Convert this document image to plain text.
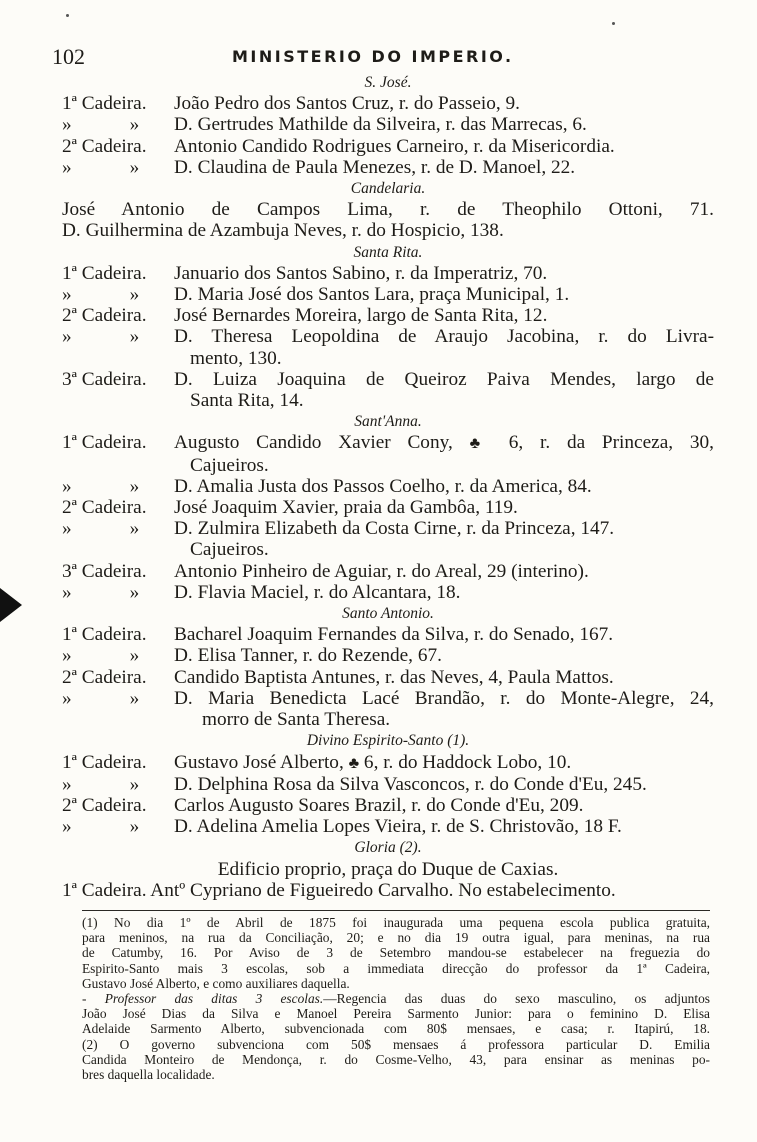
102	MINISTERIO DO IMPERIO.
S. José.
1ª Cadeira.	João Pedro dos Santos Cruz, r. do Passeio, 9.
»	»	D. Gertrudes Mathilde da Silveira, r. das Marrecas, 6.
2ª Cadeira.	Antonio Candido Rodrigues Carneiro, r. da Misericordia.
»	»	D. Claudina de Paula Menezes, r. de D. Manoel, 22.
Candelaria.
José Antonio de Campos Lima, r. de Theophilo Ottoni, 71.
D. Guilhermina de Azambuja Neves, r. do Hospicio, 138.
Santa Rita.
1ª Cadeira.	Januario dos Santos Sabino, r. da Imperatriz, 70.
»	»	D. Maria José dos Santos Lara, praça Municipal, 1.
2ª Cadeira.	José Bernardes Moreira, largo de Santa Rita, 12.
»	»	D. Theresa Leopoldina de Araujo Jacobina, r. do Livra-
mento, 130.
3ª Cadeira.	D. Luiza Joaquina de Queiroz Paiva Mendes, largo de
Santa Rita, 14.
Sant'Anna.
1ª Cadeira.	Augusto Candido Xavier Cony, ♣ 6, r. da Princeza, 30,
Cajueiros.
»	»	D. Amalia Justa dos Passos Coelho, r. da America, 84.
2ª Cadeira.	José Joaquim Xavier, praia da Gambôa, 119.
»	»	D. Zulmira Elizabeth da Costa Cirne, r. da Princeza, 147.
Cajueiros.
3ª Cadeira.	Antonio Pinheiro de Aguiar, r. do Areal, 29 (interino).
»	»	D. Flavia Maciel, r. do Alcantara, 18.
Santo Antonio.
1ª Cadeira.	Bacharel Joaquim Fernandes da Silva, r. do Senado, 167.
»	»	D. Elisa Tanner, r. do Rezende, 67.
2ª Cadeira.	Candido Baptista Antunes, r. das Neves, 4, Paula Mattos.
»	»	D. Maria Benedicta Lacé Brandão, r. do Monte-Alegre, 24,
morro de Santa Theresa.
Divino Espirito-Santo (1).
1ª Cadeira.	Gustavo José Alberto, ♣ 6, r. do Haddock Lobo, 10.
»	»	D. Delphina Rosa da Silva Vasconcos, r. do Conde d'Eu, 245.
2ª Cadeira.	Carlos Augusto Soares Brazil, r. do Conde d'Eu, 209.
»	»	D. Adelina Amelia Lopes Vieira, r. de S. Christovão, 18 F.
Gloria (2).
Edificio proprio, praça do Duque de Caxias.
1ª Cadeira. Antº Cypriano de Figueiredo Carvalho. No estabelecimento.
(1) No dia 1º de Abril de 1875 foi inaugurada uma pequena escola publica gratuita,
para meninos, na rua da Conciliação, 20; e no dia 19 outra igual, para meninas, na rua
de Catumby, 16. Por Aviso de 3 de Setembro mandou-se estabelecer na freguezia do
Espirito-Santo mais 3 escolas, sob a immediata direcção do professor da 1ª Cadeira,
Gustavo José Alberto, e como auxiliares daquella.
- Professor das ditas 3 escolas.—Regencia das duas do sexo masculino, os adjuntos
João José Dias da Silva e Manoel Pereira Sarmento Junior: para o feminino D. Elisa
Adelaide Sarmento Alberto, subvencionada com 80$ mensaes, e casa; r. Itapirú, 18.
(2) O governo subvenciona com 50$ mensaes á professora particular D. Emilia
Candida Monteiro de Mendonça, r. do Cosme-Velho, 43, para ensinar as meninas po-
bres daquella localidade.
